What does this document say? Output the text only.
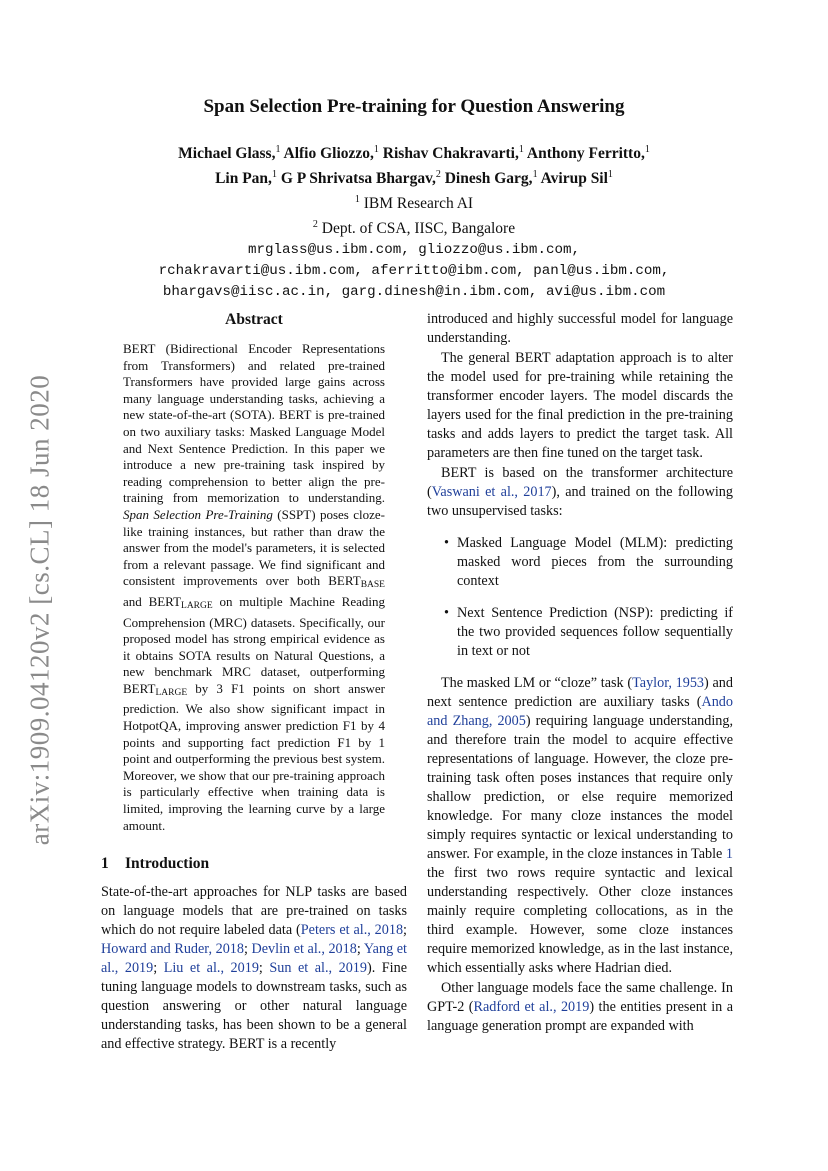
arXiv:1909.04120v2 [cs.CL] 18 Jun 2020
Span Selection Pre-training for Question Answering
Michael Glass,$^1$ Alfio Gliozzo,$^1$ Rishav Chakravarti,$^1$ Anthony Ferritto,$^1$
Lin Pan,$^1$ G P Shrivatsa Bhargav,$^2$ Dinesh Garg,$^1$ Avirup Sil$^1$
$^1$ IBM Research AI
$^2$ Dept. of CSA, IISC, Bangalore
mrglass@us.ibm.com, gliozzo@us.ibm.com,
rchakravarti@us.ibm.com, aferritto@ibm.com, panl@us.ibm.com,
bhargavs@iisc.ac.in, garg.dinesh@in.ibm.com, avi@us.ibm.com
Abstract
BERT (Bidirectional Encoder Representations from Transformers) and related pre-trained Transformers have provided large gains across many language understanding tasks, achieving a new state-of-the-art (SOTA). BERT is pre-trained on two auxiliary tasks: Masked Language Model and Next Sentence Prediction. In this paper we introduce a new pre-training task inspired by reading comprehension to better align the pre-training from memorization to understanding. Span Selection Pre-Training (SSPT) poses cloze-like training instances, but rather than draw the answer from the model's parameters, it is selected from a relevant passage. We find significant and consistent improvements over both $BERT_{BASE}$ and $BERT_{LARGE}$ on multiple Machine Reading Comprehension (MRC) datasets. Specifically, our proposed model has strong empirical evidence as it obtains SOTA results on Natural Questions, a new benchmark MRC dataset, outperforming $BERT_{LARGE}$ by 3 F1 points on short answer prediction. We also show significant impact in HotpotQA, improving answer prediction F1 by 4 points and supporting fact prediction F1 by 1 point and outperforming the previous best system. Moreover, we show that our pre-training approach is particularly effective when training data is limited, improving the learning curve by a large amount.
1 Introduction

State-of-the-art approaches for NLP tasks are based on language models that are pre-trained on tasks which do not require labeled data (Peters et al., 2018; Howard and Ruder, 2018; Devlin et al., 2018; Yang et al., 2019; Liu et al., 2019; Sun et al., 2019). Fine tuning language models to downstream tasks, such as question answering or other natural language understanding tasks, has been shown to be a general and effective strategy. BERT is a recently

introduced and highly successful model for language understanding.

The general BERT adaptation approach is to alter the model used for pre-training while retaining the transformer encoder layers. The model discards the layers used for the final prediction in the pre-training tasks and adds layers to predict the target task. All parameters are then fine tuned on the target task.

BERT is based on the transformer architecture (Vaswani et al., 2017), and trained on the following two unsupervised tasks:

• Masked Language Model (MLM): predicting masked word pieces from the surrounding context
• Next Sentence Prediction (NSP): predicting if the two provided sequences follow sequentially in text or not

The masked LM or “cloze” task (Taylor, 1953) and next sentence prediction are auxiliary tasks (Ando and Zhang, 2005) requiring language understanding, and therefore train the model to acquire effective representations of language. However, the cloze pre-training task often poses instances that require only shallow prediction, or else require memorized knowledge. For many cloze instances the model simply requires syntactic or lexical understanding to answer. For example, in the cloze instances in Table 1 the first two rows require syntactic and lexical understanding respectively. Other cloze instances mainly require completing collocations, as in the third example. However, some cloze instances require memorized knowledge, as in the last instance, which essentially asks where Hadrian died.

Other language models face the same challenge. In GPT-2 (Radford et al., 2019) the entities present in a language generation prompt are expanded with
